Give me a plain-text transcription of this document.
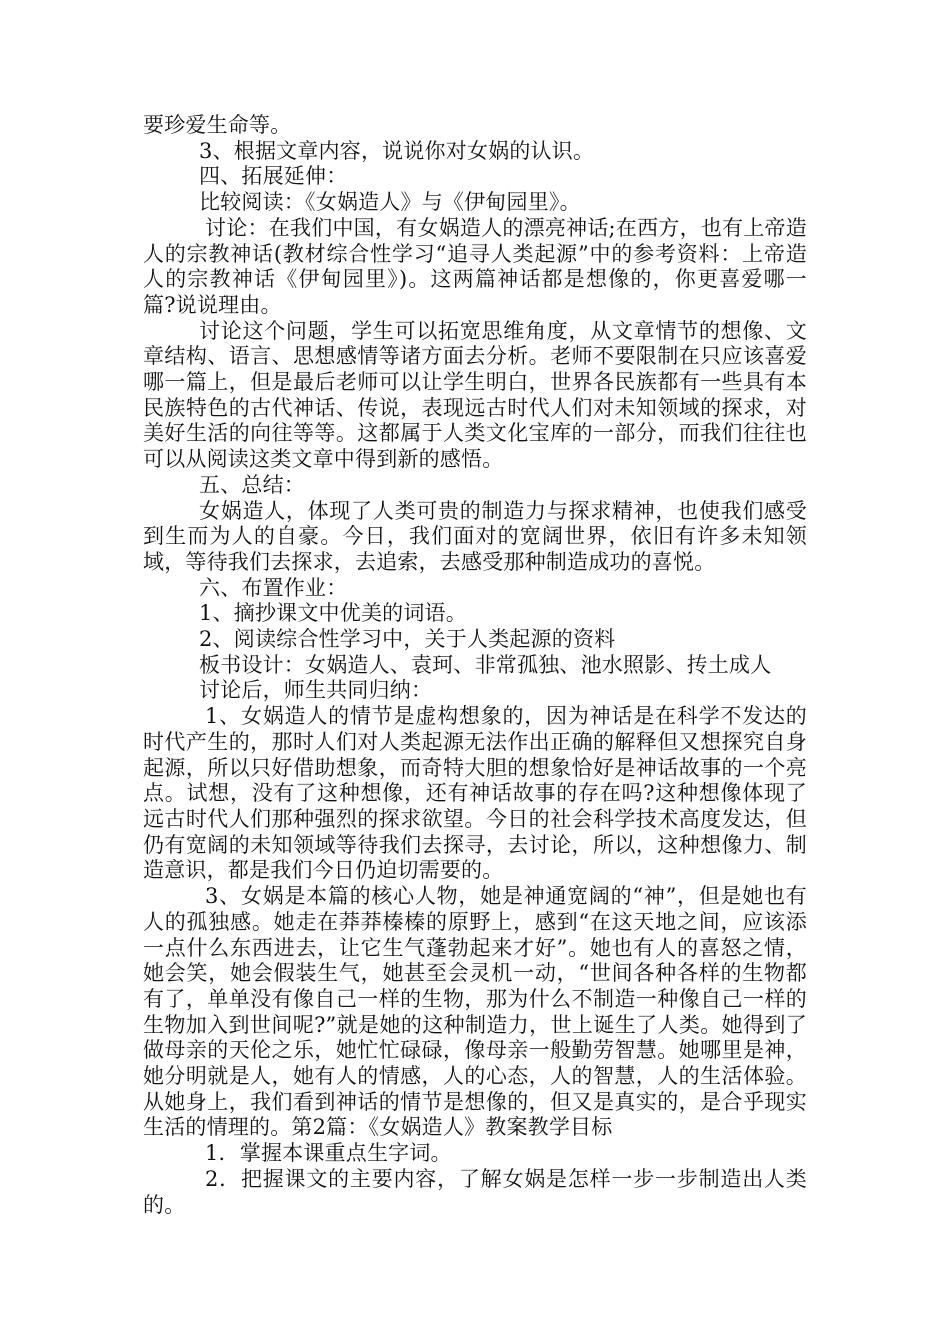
要珍爱生命等。

3、根据文章内容，说说你对女娲的认识。

四、拓展延伸：

比较阅读：《女娲造人》与《伊甸园里》。

讨论：在我们中国，有女娲造人的漂亮神话;在西方，也有上帝造人的宗教神话(教材综合性学习“追寻人类起源”中的参考资料：上帝造人的宗教神话《伊甸园里》)。这两篇神话都是想像的，你更喜爱哪一篇?说说理由。

讨论这个问题，学生可以拓宽思维角度，从文章情节的想像、文章结构、语言、思想感情等诸方面去分析。老师不要限制在只应该喜爱哪一篇上，但是最后老师可以让学生明白，世界各民族都有一些具有本民族特色的古代神话、传说，表现远古时代人们对未知领域的探求，对美好生活的向往等等。这都属于人类文化宝库的一部分，而我们往往也可以从阅读这类文章中得到新的感悟。

五、总结：

女娲造人，体现了人类可贵的制造力与探求精神，也使我们感受到生而为人的自豪。今日，我们面对的宽阔世界，依旧有许多未知领域，等待我们去探求，去追索，去感受那种制造成功的喜悦。

六、布置作业：

1、摘抄课文中优美的词语。

2、阅读综合性学习中，关于人类起源的资料

板书设计：女娲造人、袁珂、非常孤独、池水照影、抟土成人

讨论后，师生共同归纳：

1、女娲造人的情节是虚构想象的，因为神话是在科学不发达的时代产生的，那时人们对人类起源无法作出正确的解释但又想探究自身起源，所以只好借助想象，而奇特大胆的想象恰好是神话故事的一个亮点。试想，没有了这种想像，还有神话故事的存在吗?这种想像体现了远古时代人们那种强烈的探求欲望。今日的社会科学技术高度发达，但仍有宽阔的未知领域等待我们去探寻，去讨论，所以，这种想像力、制造意识，都是我们今日仍迫切需要的。

3、女娲是本篇的核心人物，她是神通宽阔的“神”，但是她也有人的孤独感。她走在莽莽榛榛的原野上，感到“在这天地之间，应该添一点什么东西进去，让它生气蓬勃起来才好”。她也有人的喜怒之情，她会笑，她会假装生气，她甚至会灵机一动，“世间各种各样的生物都有了，单单没有像自己一样的生物，那为什么不制造一种像自己一样的生物加入到世间呢?”就是她的这种制造力，世上诞生了人类。她得到了做母亲的天伦之乐，她忙忙碌碌，像母亲一般勤劳智慧。她哪里是神，她分明就是人，她有人的情感，人的心态，人的智慧，人的生活体验。从她身上，我们看到神话的情节是想像的，但又是真实的，是合乎现实生活的情理的。第2篇：《女娲造人》教案教学目标

1．掌握本课重点生字词。

2．把握课文的主要内容，了解女娲是怎样一步一步制造出人类的。
